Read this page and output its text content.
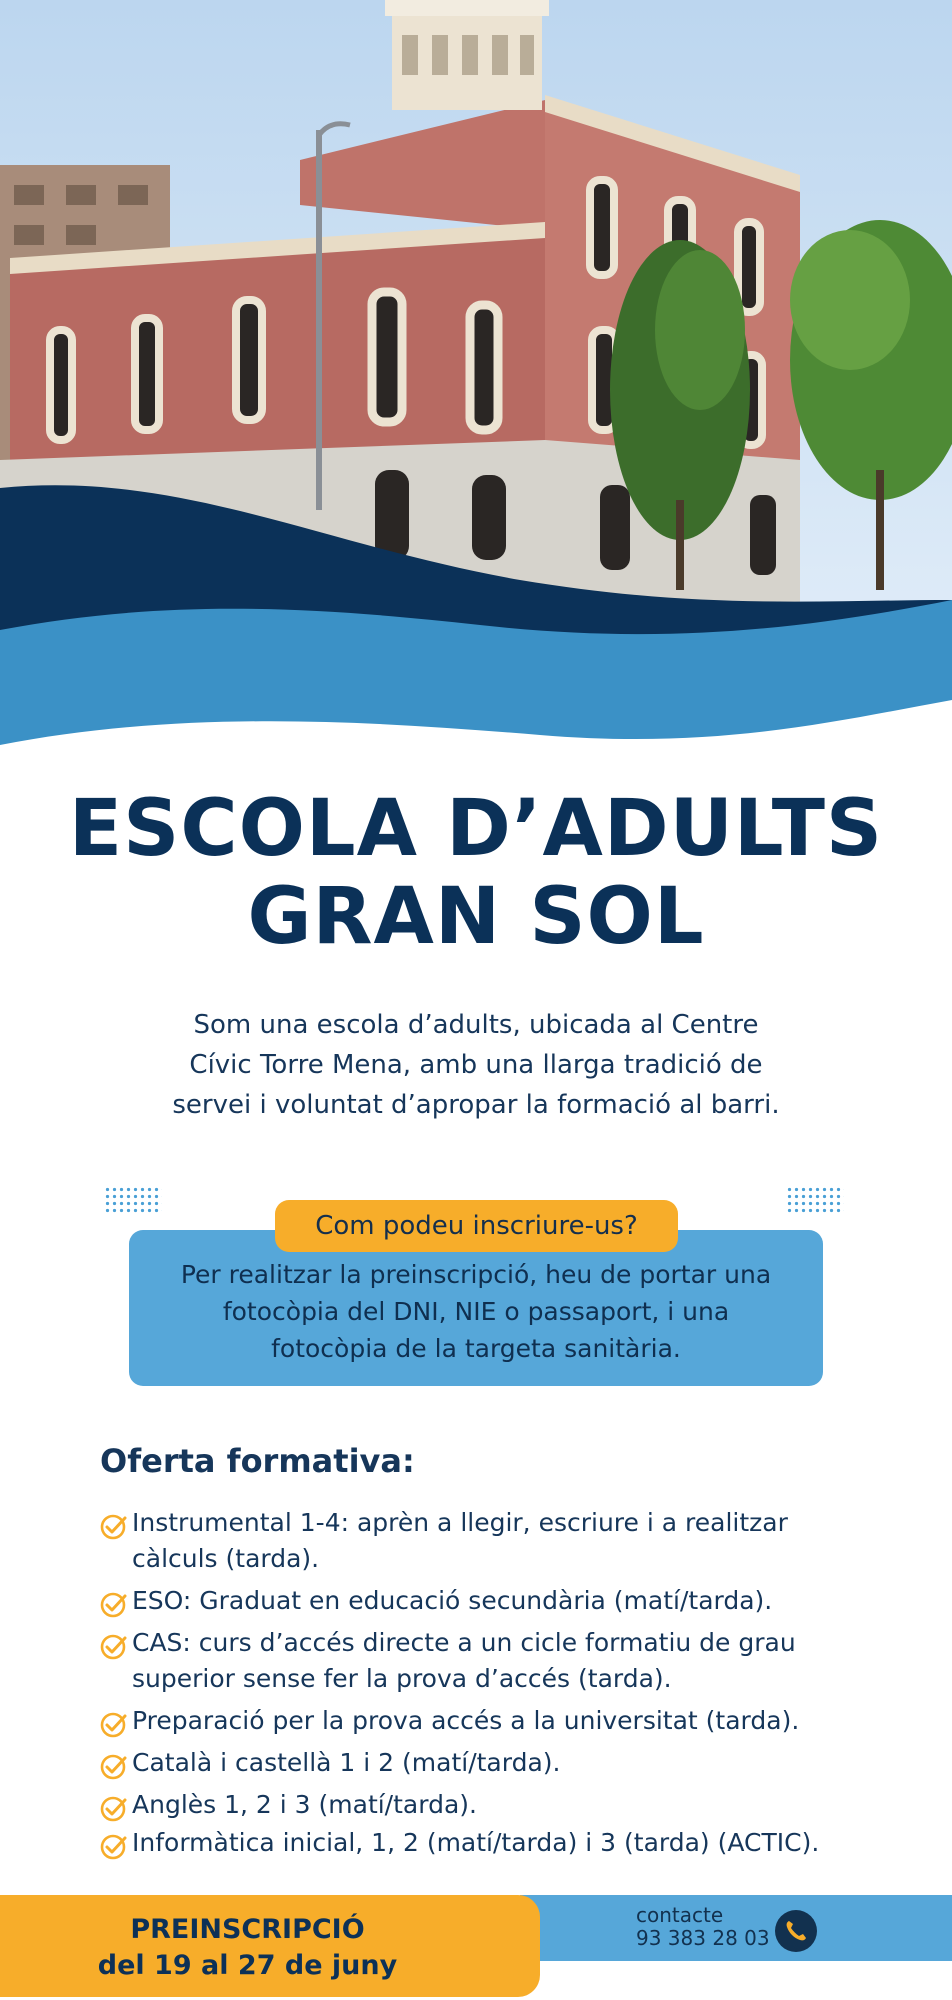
ESCOLA D’ADULTS
GRAN SOL

Som una escola d’adults, ubicada al Centre
Cívic Torre Mena, amb una llarga tradició de
servei i voluntat d’apropar la formació al barri.

Per realitzar la preinscripció, heu de portar una
fotocòpia del DNI, NIE o passaport, i una
fotocòpia de la targeta sanitària.

Com podeu inscriure-us?
Oferta formativa:
Instrumental 1-4: aprèn a llegir, escriure i a realitzar
càlculs (tarda).
ESO: Graduat en educació secundària (matí/tarda).
CAS: curs d’accés directe a un cicle formatiu de grau
superior sense fer la prova d’accés (tarda).
Preparació per la prova accés a la universitat (tarda).
Català i castellà 1 i 2 (matí/tarda).
Anglès 1, 2 i 3 (matí/tarda).
Informàtica inicial, 1, 2 (matí/tarda) i 3 (tarda) (ACTIC).
PREINSCRIPCIÓ
del 19 al 27 de juny
contacte
93 383 28 03
